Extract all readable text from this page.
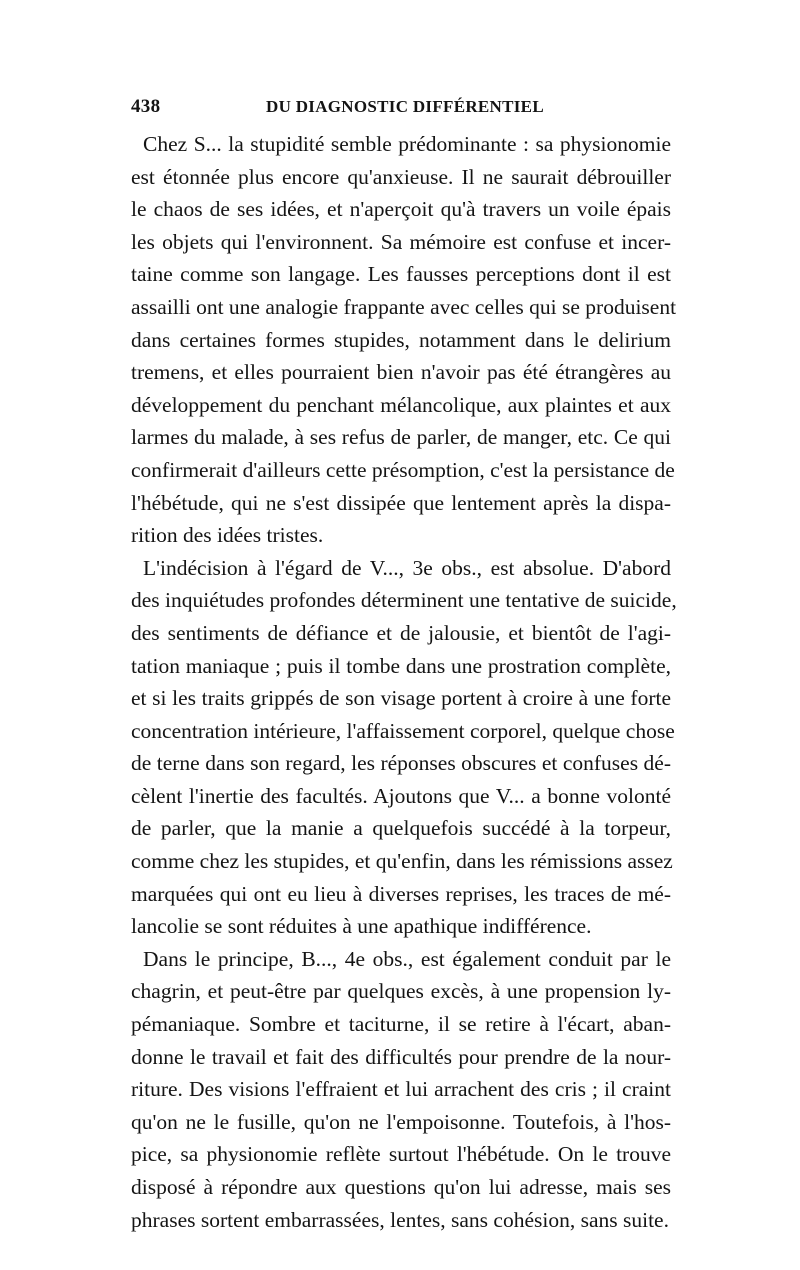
438	DU DIAGNOSTIC DIFFÉRENTIEL

Chez S... la stupidité semble prédominante : sa physionomie
est étonnée plus encore qu'anxieuse. Il ne saurait débrouiller
le chaos de ses idées, et n'aperçoit qu'à travers un voile épais
les objets qui l'environnent. Sa mémoire est confuse et incer-
taine comme son langage. Les fausses perceptions dont il est
assailli ont une analogie frappante avec celles qui se produisent
dans certaines formes stupides, notamment dans le delirium
tremens, et elles pourraient bien n'avoir pas été étrangères au
développement du penchant mélancolique, aux plaintes et aux
larmes du malade, à ses refus de parler, de manger, etc. Ce qui
confirmerait d'ailleurs cette présomption, c'est la persistance de
l'hébétude, qui ne s'est dissipée que lentement après la dispa-
rition des idées tristes.

L'indécision à l'égard de V..., 3e obs., est absolue. D'abord
des inquiétudes profondes déterminent une tentative de suicide,
des sentiments de défiance et de jalousie, et bientôt de l'agi-
tation maniaque ; puis il tombe dans une prostration complète,
et si les traits grippés de son visage portent à croire à une forte
concentration intérieure, l'affaissement corporel, quelque chose
de terne dans son regard, les réponses obscures et confuses dé-
cèlent l'inertie des facultés. Ajoutons que V... a bonne volonté
de parler, que la manie a quelquefois succédé à la torpeur,
comme chez les stupides, et qu'enfin, dans les rémissions assez
marquées qui ont eu lieu à diverses reprises, les traces de mé-
lancolie se sont réduites à une apathique indifférence.

Dans le principe, B..., 4e obs., est également conduit par le
chagrin, et peut-être par quelques excès, à une propension ly-
pémaniaque. Sombre et taciturne, il se retire à l'écart, aban-
donne le travail et fait des difficultés pour prendre de la nour-
riture. Des visions l'effraient et lui arrachent des cris ; il craint
qu'on ne le fusille, qu'on ne l'empoisonne. Toutefois, à l'hos-
pice, sa physionomie reflète surtout l'hébétude. On le trouve
disposé à répondre aux questions qu'on lui adresse, mais ses
phrases sortent embarrassées, lentes, sans cohésion, sans suite.
